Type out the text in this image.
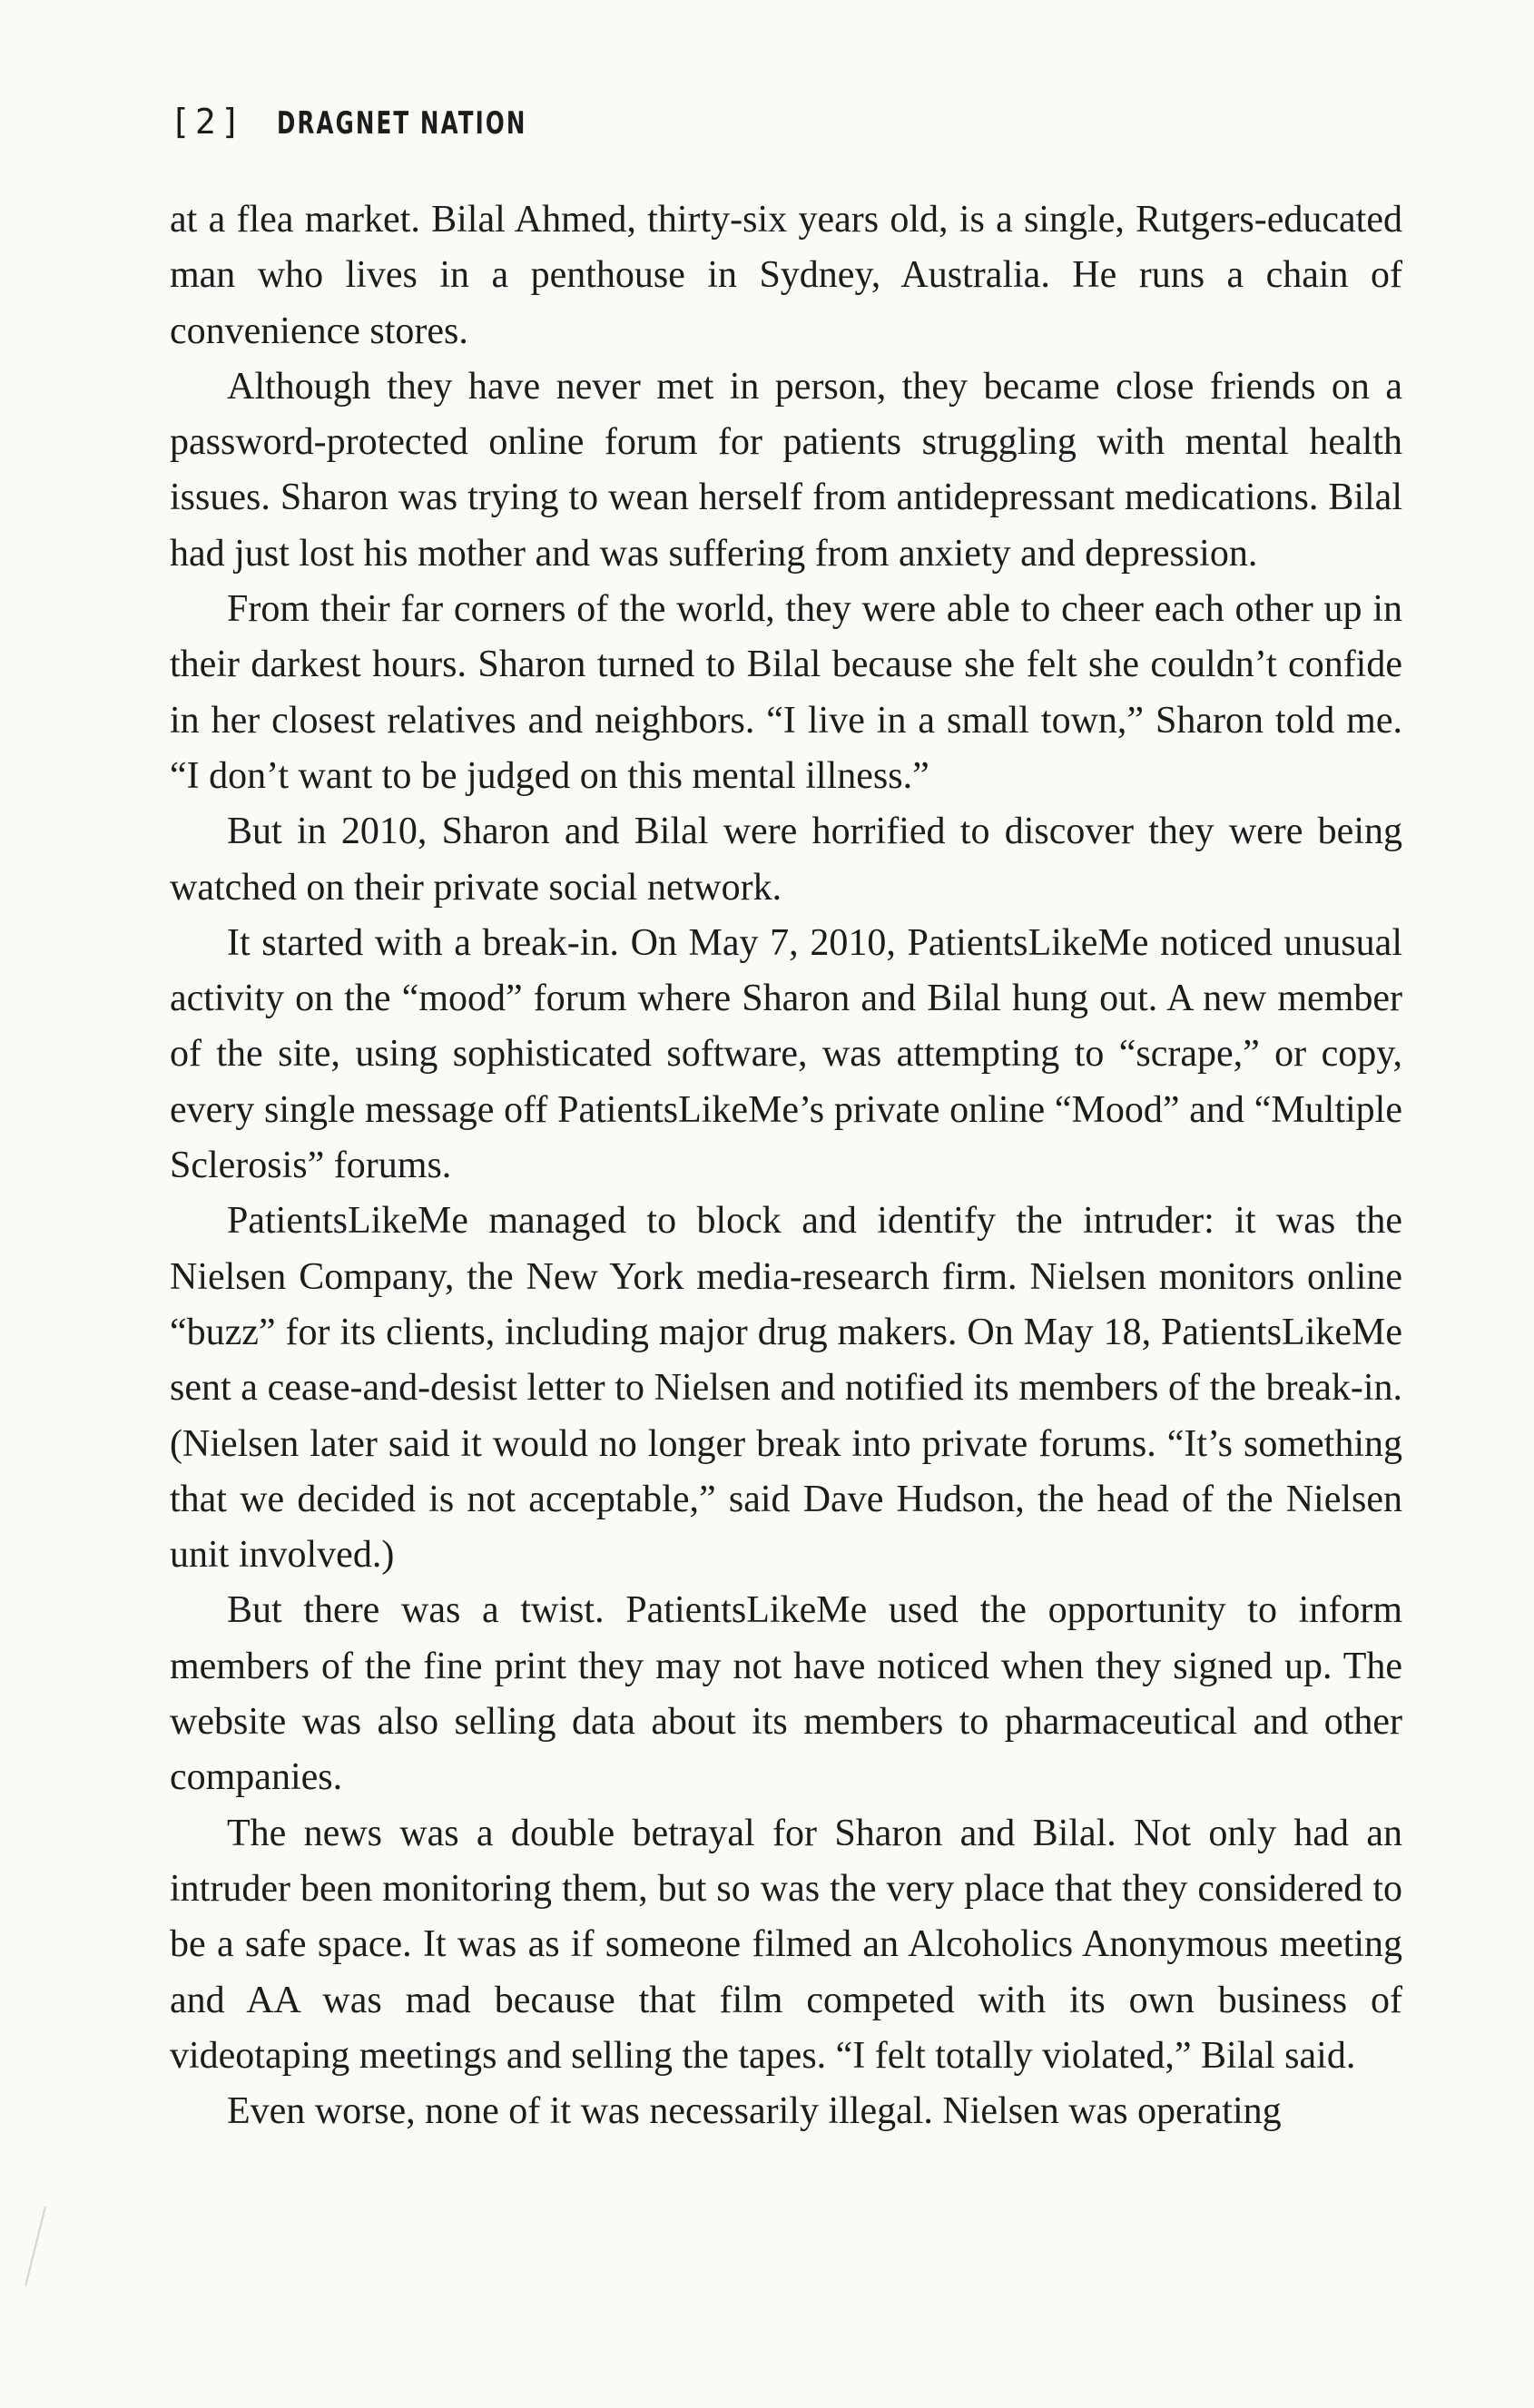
[2] DRAGNET NATION

at a flea market. Bilal Ahmed, thirty-six years old, is a single, Rutgers-educated man who lives in a penthouse in Sydney, Australia. He runs a chain of convenience stores.

Although they have never met in person, they became close friends on a password-protected online forum for patients struggling with mental health issues. Sharon was trying to wean herself from antidepressant medications. Bilal had just lost his mother and was suffering from anxiety and depression.

From their far corners of the world, they were able to cheer each other up in their darkest hours. Sharon turned to Bilal because she felt she couldn’t confide in her closest relatives and neighbors. “I live in a small town,” Sharon told me. “I don’t want to be judged on this mental illness.”

But in 2010, Sharon and Bilal were horrified to discover they were being watched on their private social network.

It started with a break-in. On May 7, 2010, PatientsLikeMe noticed unusual activity on the “mood” forum where Sharon and Bilal hung out. A new member of the site, using sophisticated software, was attempting to “scrape,” or copy, every single message off PatientsLikeMe’s private online “Mood” and “Multiple Sclerosis” forums.

PatientsLikeMe managed to block and identify the intruder: it was the Nielsen Company, the New York media-research firm. Nielsen monitors online “buzz” for its clients, including major drug makers. On May 18, PatientsLikeMe sent a cease-and-desist letter to Nielsen and notified its members of the break-in. (Nielsen later said it would no longer break into private forums. “It’s something that we decided is not acceptable,” said Dave Hudson, the head of the Nielsen unit involved.)

But there was a twist. PatientsLikeMe used the opportunity to inform members of the fine print they may not have noticed when they signed up. The website was also selling data about its members to pharmaceutical and other companies.

The news was a double betrayal for Sharon and Bilal. Not only had an intruder been monitoring them, but so was the very place that they considered to be a safe space. It was as if someone filmed an Alcoholics Anonymous meeting and AA was mad because that film competed with its own business of videotaping meetings and selling the tapes. “I felt totally violated,” Bilal said.

Even worse, none of it was necessarily illegal. Nielsen was operating
